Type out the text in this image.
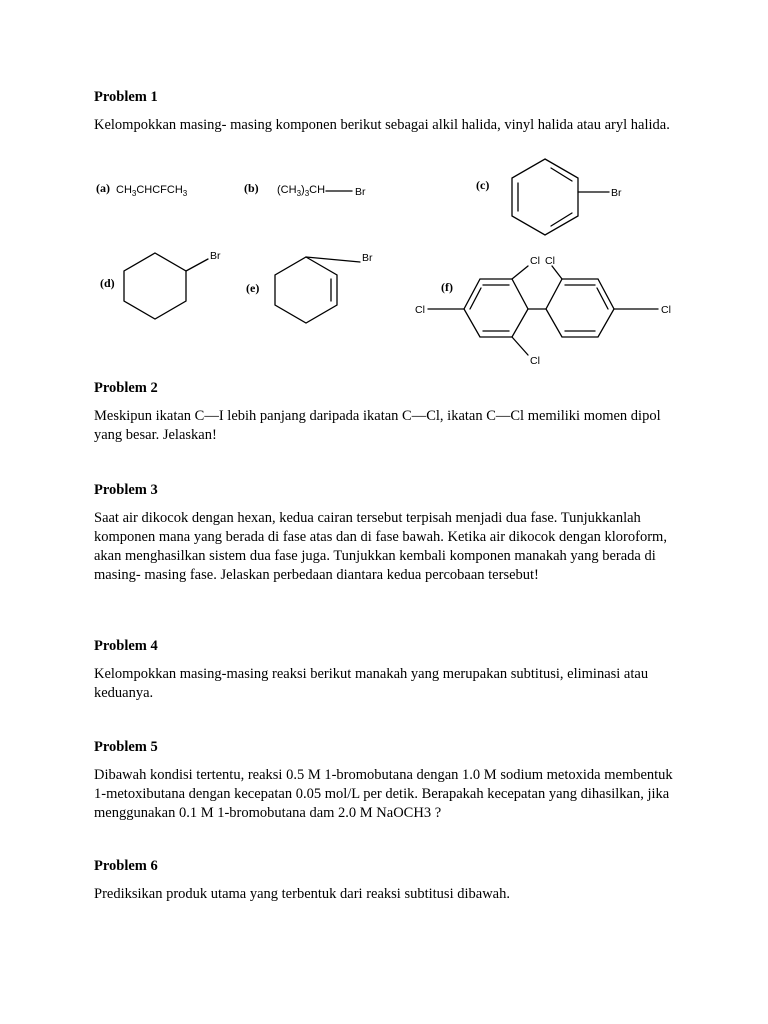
Problem 1

Kelompokkan masing- masing komponen berikut sebagai alkil halida, vinyl halida atau aryl halida.

(a)	(b)	(c)
(d)	(e)	(f)
$CH_3CHCFCH_3$	$(CH_3)_3CH$	Br	Br
Br	Br	Cl Cl
Cl	Cl
Cl
Problem 2

Meskipun ikatan C—I lebih panjang daripada ikatan C—Cl, ikatan C—Cl memiliki momen dipol yang besar. Jelaskan!

Problem 3

Saat air dikocok dengan hexan, kedua cairan tersebut terpisah menjadi dua fase. Tunjukkanlah komponen mana yang berada di fase atas dan di fase bawah. Ketika air dikocok dengan kloroform, akan menghasilkan sistem dua fase juga. Tunjukkan kembali komponen manakah yang berada di masing- masing fase. Jelaskan perbedaan diantara kedua percobaan tersebut!

Problem 4

Kelompokkan masing-masing reaksi berikut manakah yang merupakan subtitusi, eliminasi atau keduanya.

Problem 5

Dibawah kondisi tertentu, reaksi 0.5 M 1-bromobutana dengan 1.0 M sodium metoxida membentuk 1-metoxibutana dengan kecepatan 0.05 mol/L per detik. Berapakah kecepatan yang dihasilkan, jika menggunakan 0.1 M 1-bromobutana dam 2.0 M NaOCH3 ?

Problem 6

Prediksikan produk utama yang terbentuk dari reaksi subtitusi dibawah.
